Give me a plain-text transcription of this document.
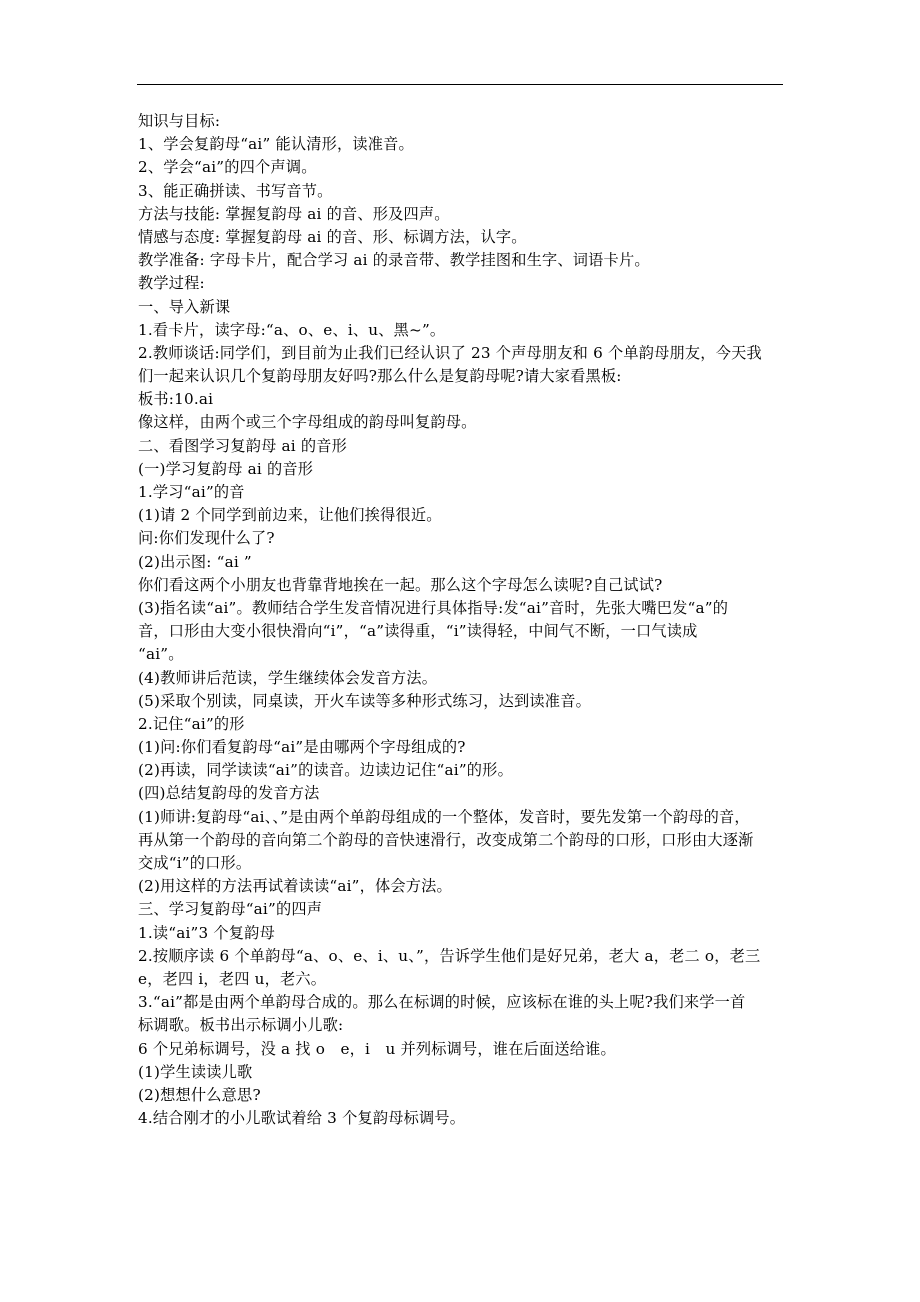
知识与目标:
1、学会复韵母“ai” 能认清形，读准音。
2、学会“ai”的四个声调。
3、能正确拼读、书写音节。
方法与技能: 掌握复韵母 ai 的音、形及四声。
情感与态度: 掌握复韵母 ai 的音、形、标调方法，认字。
教学准备: 字母卡片，配合学习 ai 的录音带、教学挂图和生字、词语卡片。
教学过程:
一、导入新课
1.看卡片，读字母:“a、o、e、i、u、黑~”。
2.教师谈话:同学们，到目前为止我们已经认识了 23 个声母朋友和 6 个单韵母朋友，今天我
们一起来认识几个复韵母朋友好吗?那么什么是复韵母呢?请大家看黑板:
板书:10.ai
像这样，由两个或三个字母组成的韵母叫复韵母。
二、看图学习复韵母 ai 的音形
(一)学习复韵母 ai 的音形
1.学习“ai”的音
(1)请 2 个同学到前边来，让他们挨得很近。
问:你们发现什么了?
(2)出示图: “ai ”
你们看这两个小朋友也背靠背地挨在一起。那么这个字母怎么读呢?自己试试?
(3)指名读“ai”。教师结合学生发音情况进行具体指导:发“ai”音时，先张大嘴巴发“a”的
音，口形由大变小很快滑向“i”，“a”读得重，“i”读得轻，中间气不断，一口气读成
“ai”。
(4)教师讲后范读，学生继续体会发音方法。
(5)采取个别读，同桌读，开火车读等多种形式练习，达到读准音。
2.记住“ai”的形
(1)问:你们看复韵母“ai”是由哪两个字母组成的?
(2)再读，同学读读“ai”的读音。边读边记住“ai”的形。
(四)总结复韵母的发音方法
(1)师讲:复韵母“ai、、”是由两个单韵母组成的一个整体，发音时，要先发第一个韵母的音，
再从第一个韵母的音向第二个韵母的音快速滑行，改变成第二个韵母的口形，口形由大逐渐
交成“i”的口形。
(2)用这样的方法再试着读读“ai”，体会方法。
三、学习复韵母“ai”的四声
1.读“ai”3 个复韵母
2.按顺序读 6 个单韵母“a、o、e、i、u、”，告诉学生他们是好兄弟，老大 a，老二 o，老三
e，老四 i，老四 u，老六。
3.“ai”都是由两个单韵母合成的。那么在标调的时候，应该标在谁的头上呢?我们来学一首
标调歌。板书出示标调小儿歌:
6 个兄弟标调号，没 a 找 o　e，i　u 并列标调号，谁在后面送给谁。
(1)学生读读儿歌
(2)想想什么意思?
4.结合刚才的小儿歌试着给 3 个复韵母标调号。
